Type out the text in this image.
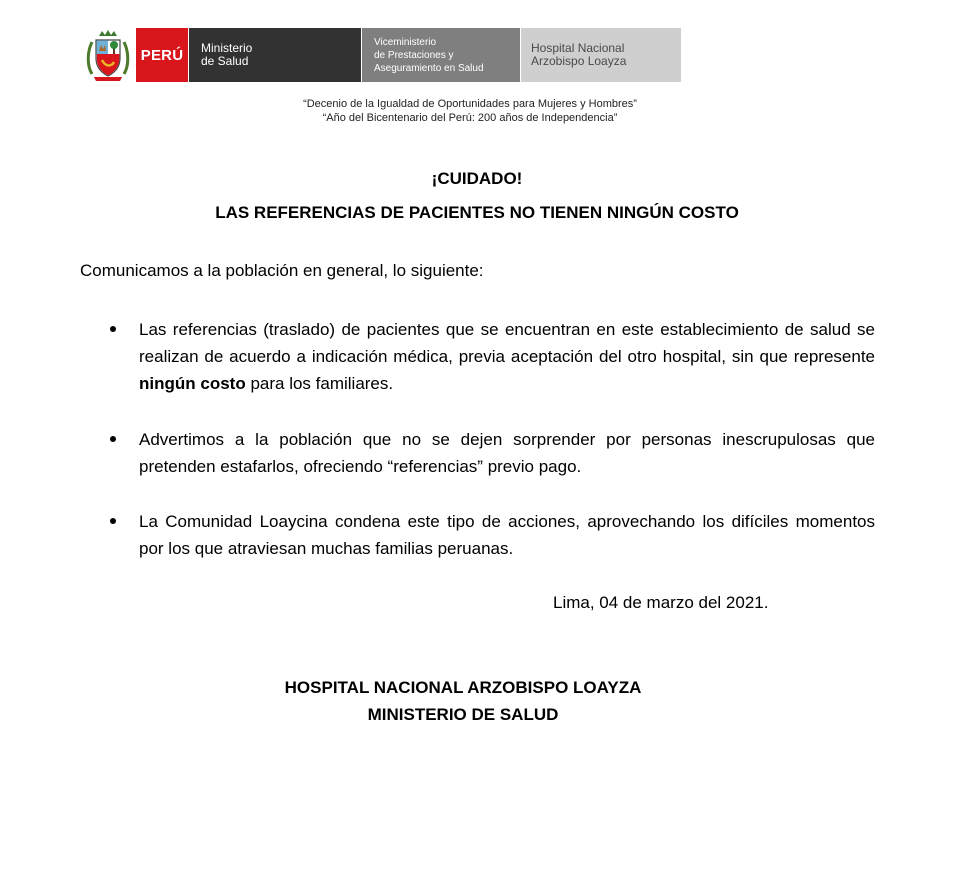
PERÚ	Ministerio
de Salud
Viceministerio
de Prestaciones y
Aseguramiento en Salud
Hospital Nacional
Arzobispo Loayza
“Decenio de la Igualdad de Oportunidades para Mujeres y Hombres”
“Año del Bicentenario del Perú: 200 años de Independencia”
¡CUIDADO!
LAS REFERENCIAS DE PACIENTES NO TIENEN NINGÚN COSTO
Comunicamos a la población en general, lo siguiente:
Las referencias (traslado) de pacientes que se encuentran en este establecimiento de salud se realizan de acuerdo a indicación médica, previa aceptación del otro hospital, sin que represente ningún costo para los familiares.
Advertimos a la población que no se dejen sorprender por personas inescrupulosas que pretenden estafarlos, ofreciendo “referencias” previo pago.
La Comunidad Loaycina condena este tipo de acciones, aprovechando los difíciles momentos por los que atraviesan muchas familias peruanas.
Lima, 04 de marzo del 2021.
HOSPITAL NACIONAL ARZOBISPO LOAYZA
MINISTERIO DE SALUD
